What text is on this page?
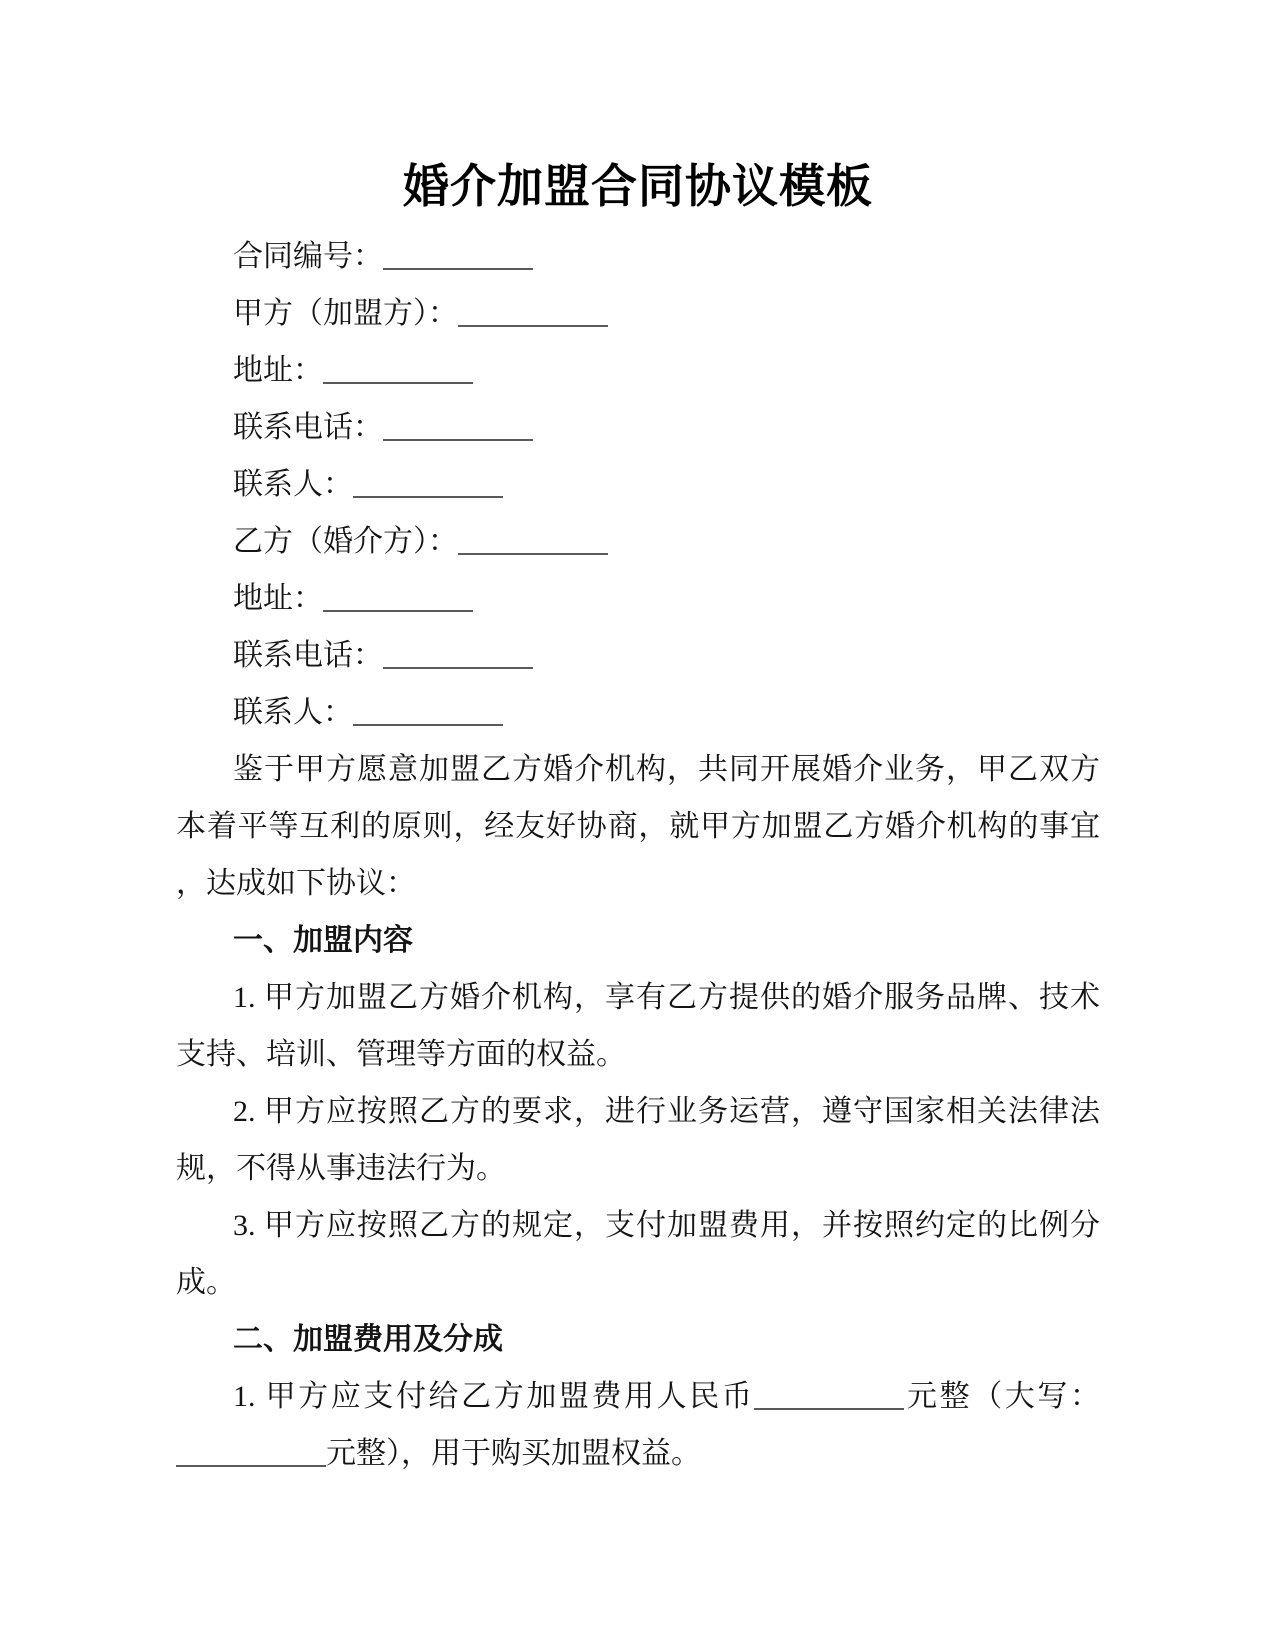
婚介加盟合同协议模板
合同编号：
甲方（加盟方）：
地址：
联系电话：
联系人：
乙方（婚介方）：
地址：
联系电话：
联系人：
鉴于甲方愿意加盟乙方婚介机构，共同开展婚介业务，甲乙双方
本着平等互利的原则，经友好协商，就甲方加盟乙方婚介机构的事宜
，达成如下协议：
一、加盟内容
1. 甲方加盟乙方婚介机构，享有乙方提供的婚介服务品牌、技术
支持、培训、管理等方面的权益。
2. 甲方应按照乙方的要求，进行业务运营，遵守国家相关法律法
规，不得从事违法行为。
3. 甲方应按照乙方的规定，支付加盟费用，并按照约定的比例分
成。
二、加盟费用及分成
1. 甲方应支付给乙方加盟费用人民币	元整（大写：
元整），用于购买加盟权益。
